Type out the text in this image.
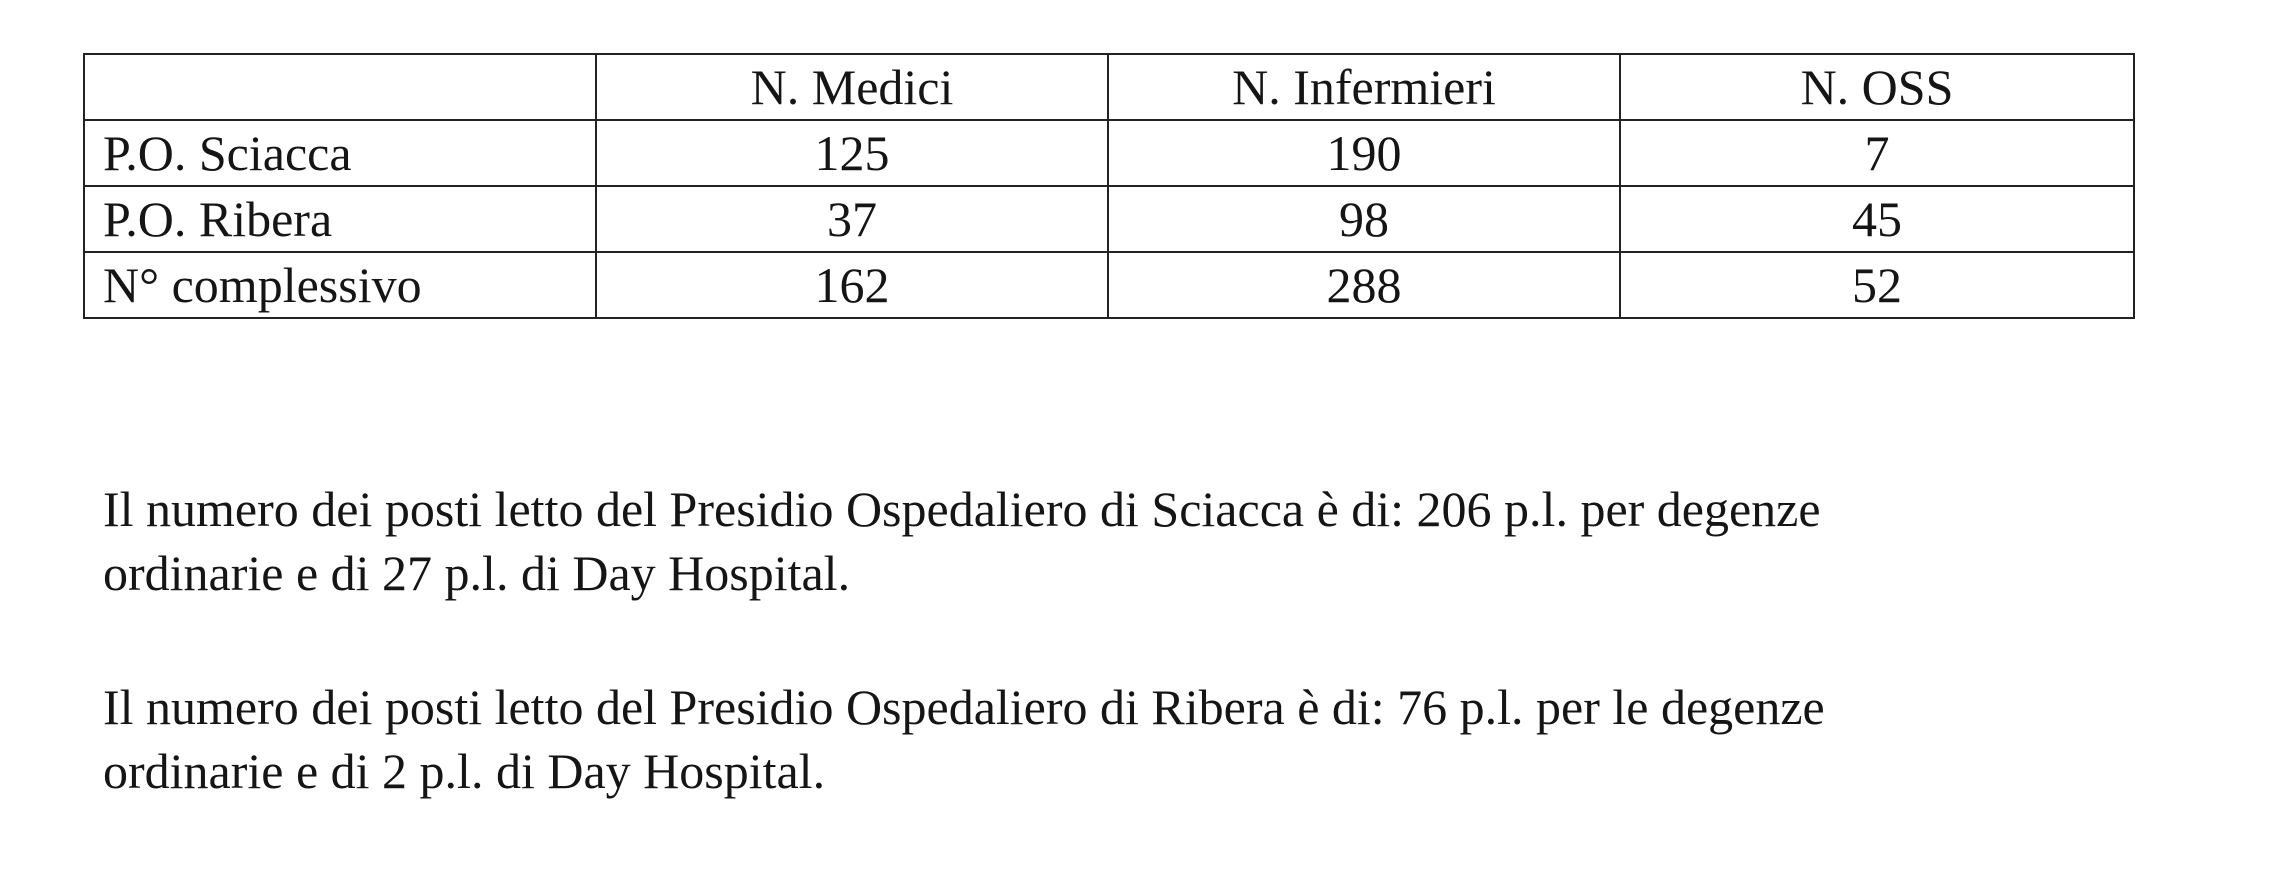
	N. Medici	N. Infermieri	N. OSS
P.O. Sciacca	125	190	7
P.O. Ribera	37	98	45
N° complessivo	162	288	52

Il numero dei posti letto del Presidio Ospedaliero di Sciacca è di: 206 p.l. per degenze
ordinarie e di 27 p.l. di Day Hospital.

Il numero dei posti letto del Presidio Ospedaliero di Ribera è di: 76 p.l. per le degenze
ordinarie e di 2 p.l. di Day Hospital.
